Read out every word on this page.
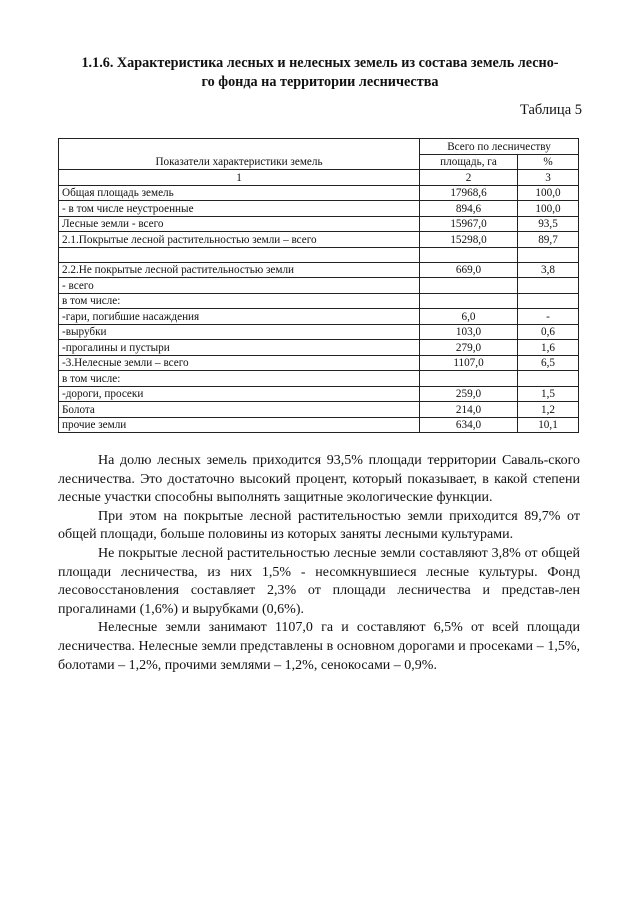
1.1.6. Характеристика лесных и нелесных земель из состава земель лесно-
го фонда на территории лесничества
Таблица 5
Показатели характеристики земель	Всего по лесничеству	
	площадь, га	%
1	2	3
Общая площадь земель	17968,6	100,0
- в том числе неустроенные	894,6	100,0
Лесные земли - всего	15967,0	93,5
2.1.Покрытые лесной растительностью земли – всего	15298,0	89,7

2.2.Не покрытые лесной растительностью земли	669,0	3,8
- всего		
в том числе:		
-гари, погибшие насаждения	6,0	-
-вырубки	103,0	0,6
-прогалины и пустыри	279,0	1,6
-3.Нелесные земли – всего	1107,0	6,5
в том числе:		
-дороги, просеки	259,0	1,5
Болота	214,0	1,2
прочие земли	634,0	10,1

На долю лесных земель приходится 93,5% площади территории Саваль-ского лесничества. Это достаточно высокий процент, который показывает, в какой степени лесные участки способны выполнять защитные экологические функции.

При этом на покрытые лесной растительностью земли приходится 89,7% от общей площади, больше половины из которых заняты лесными культурами.

Не покрытые лесной растительностью лесные земли составляют 3,8% от общей площади лесничества, из них 1,5% - несомкнувшиеся лесные культуры. Фонд лесовосстановления составляет 2,3% от площади лесничества и представ-лен прогалинами (1,6%) и вырубками (0,6%).

Нелесные земли занимают 1107,0 га и составляют 6,5% от всей площади лесничества. Нелесные земли представлены в основном дорогами и просеками – 1,5%, болотами – 1,2%, прочими землями – 1,2%, сенокосами – 0,9%.
